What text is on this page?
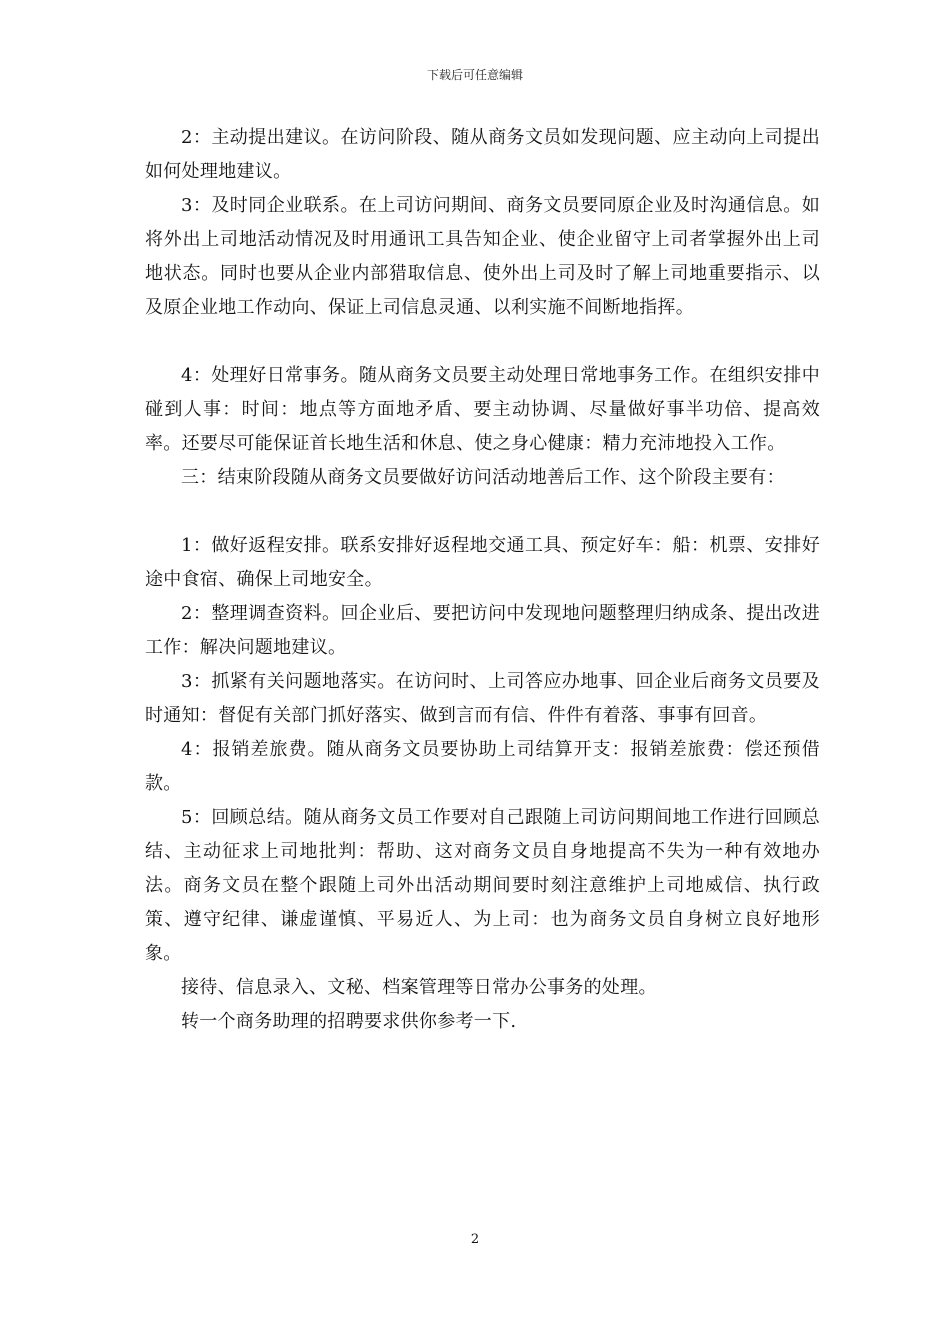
下载后可任意编辑

2：主动提出建议。在访问阶段、随从商务文员如发现问题、应主动向上司提出如何处理地建议。

3：及时同企业联系。在上司访问期间、商务文员要同原企业及时沟通信息。如将外出上司地活动情况及时用通讯工具告知企业、使企业留守上司者掌握外出上司地状态。同时也要从企业内部猎取信息、使外出上司及时了解上司地重要指示、以及原企业地工作动向、保证上司信息灵通、以利实施不间断地指挥。

4：处理好日常事务。随从商务文员要主动处理日常地事务工作。在组织安排中碰到人事：时间：地点等方面地矛盾、要主动协调、尽量做好事半功倍、提高效率。还要尽可能保证首长地生活和休息、使之身心健康：精力充沛地投入工作。

三：结束阶段随从商务文员要做好访问活动地善后工作、这个阶段主要有：

1：做好返程安排。联系安排好返程地交通工具、预定好车：船：机票、安排好途中食宿、确保上司地安全。

2：整理调查资料。回企业后、要把访问中发现地问题整理归纳成条、提出改进工作：解决问题地建议。

3：抓紧有关问题地落实。在访问时、上司答应办地事、回企业后商务文员要及时通知：督促有关部门抓好落实、做到言而有信、件件有着落、事事有回音。

4：报销差旅费。随从商务文员要协助上司结算开支：报销差旅费：偿还预借款。

5：回顾总结。随从商务文员工作要对自己跟随上司访问期间地工作进行回顾总结、主动征求上司地批判：帮助、这对商务文员自身地提高不失为一种有效地办法。商务文员在整个跟随上司外出活动期间要时刻注意维护上司地威信、执行政策、遵守纪律、谦虚谨慎、平易近人、为上司：也为商务文员自身树立良好地形象。

接待、信息录入、文秘、档案管理等日常办公事务的处理。

转一个商务助理的招聘要求供你参考一下.

2
